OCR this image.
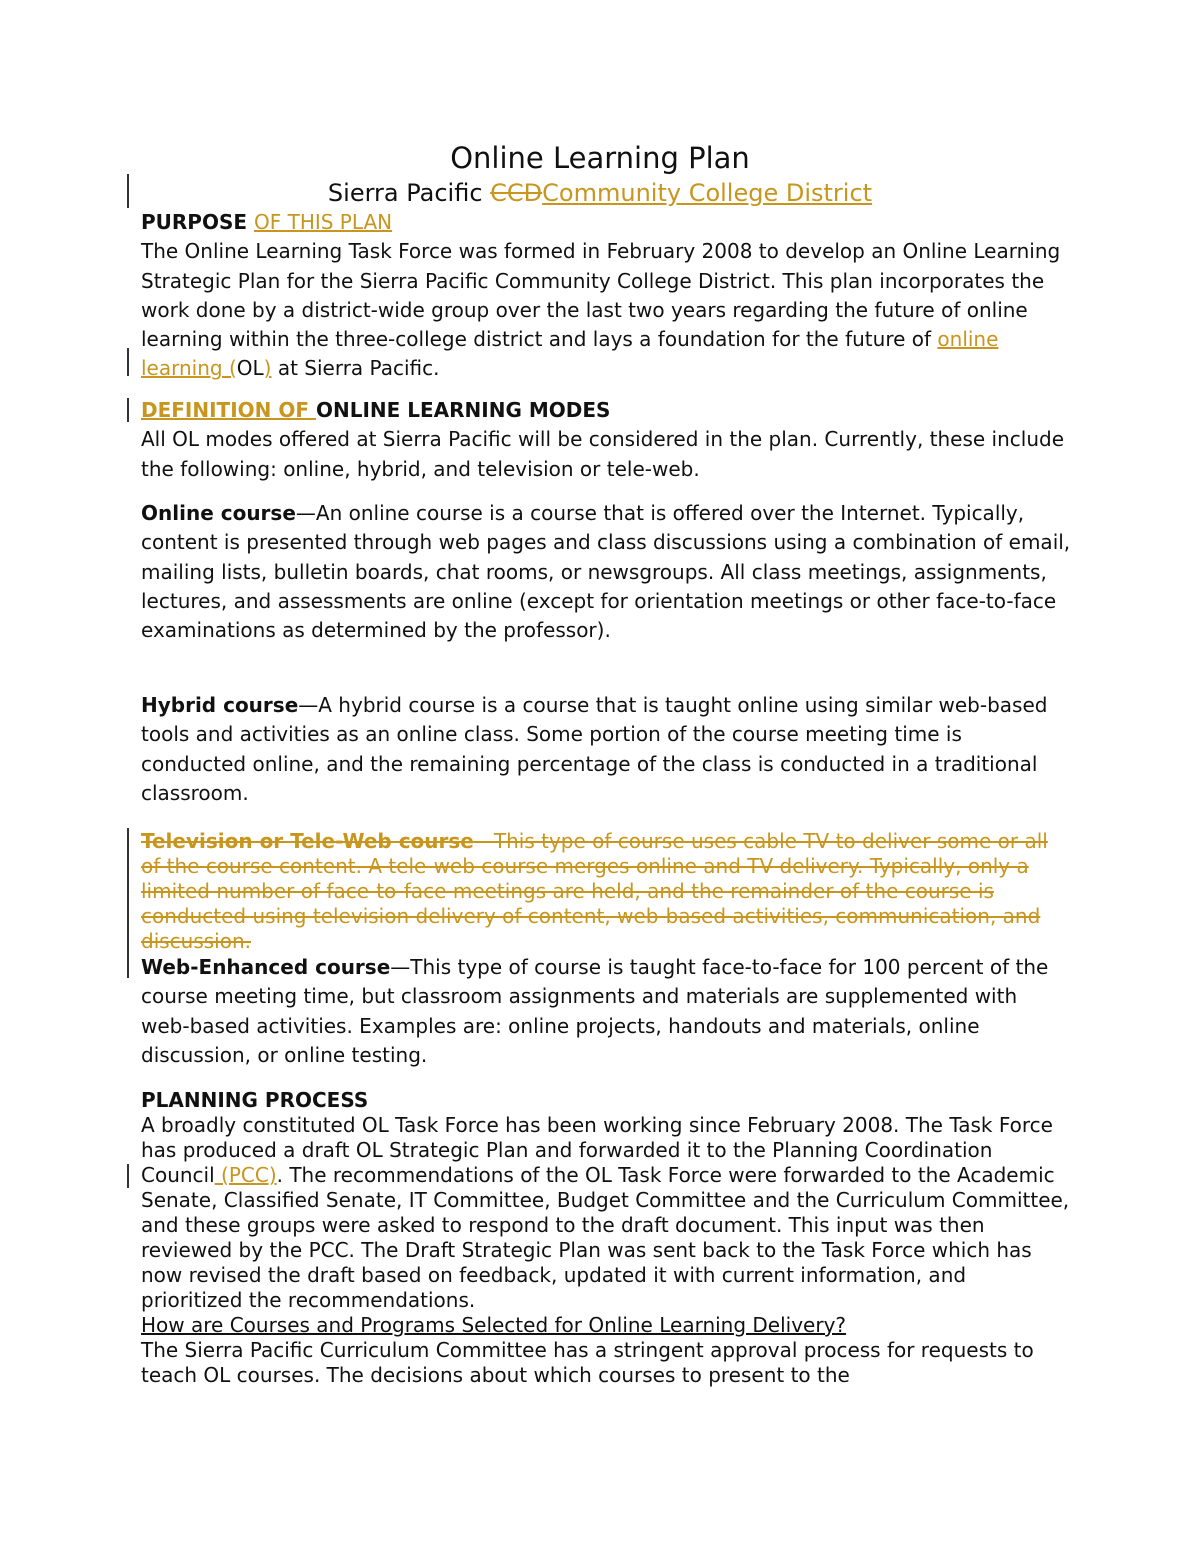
Online Learning Plan
Sierra Pacific CCDCommunity College District
PURPOSE OF THIS PLAN
The Online Learning Task Force was formed in February 2008 to develop an Online Learning Strategic Plan for the Sierra Pacific Community College District. This plan incorporates the work done by a district-wide group over the last two years regarding the future of online learning within the three-college district and lays a foundation for the future of online learning (OL) at Sierra Pacific.
DEFINITION OF ONLINE LEARNING MODES
All OL modes offered at Sierra Pacific will be considered in the plan. Currently, these include the following: online, hybrid, and television or tele-web.
Online course—An online course is a course that is offered over the Internet. Typically, content is presented through web pages and class discussions using a combination of email, mailing lists, bulletin boards, chat rooms, or newsgroups. All class meetings, assignments, lectures, and assessments are online (except for orientation meetings or other face-to-face examinations as determined by the professor).
Hybrid course—A hybrid course is a course that is taught online using similar web-based tools and activities as an online class. Some portion of the course meeting time is conducted online, and the remaining percentage of the class is conducted in a traditional classroom.
Television or Tele-Web course—This type of course uses cable TV to deliver some or all of the course content. A tele-web course merges online and TV delivery. Typically, only a limited number of face-to-face meetings are held, and the remainder of the course is conducted using television delivery of content, web-based activities, communication, and discussion.
Web-Enhanced course—This type of course is taught face-to-face for 100 percent of the course meeting time, but classroom assignments and materials are supplemented with web-based activities. Examples are: online projects, handouts and materials, online discussion, or online testing.
PLANNING PROCESS
A broadly constituted OL Task Force has been working since February 2008. The Task Force has produced a draft OL Strategic Plan and forwarded it to the Planning Coordination Council (PCC). The recommendations of the OL Task Force were forwarded to the Academic Senate, Classified Senate, IT Committee, Budget Committee and the Curriculum Committee, and these groups were asked to respond to the draft document. This input was then reviewed by the PCC. The Draft Strategic Plan was sent back to the Task Force which has now revised the draft based on feedback, updated it with current information, and prioritized the recommendations.
How are Courses and Programs Selected for Online Learning Delivery?
The Sierra Pacific Curriculum Committee has a stringent approval process for requests to teach OL courses. The decisions about which courses to present to the
